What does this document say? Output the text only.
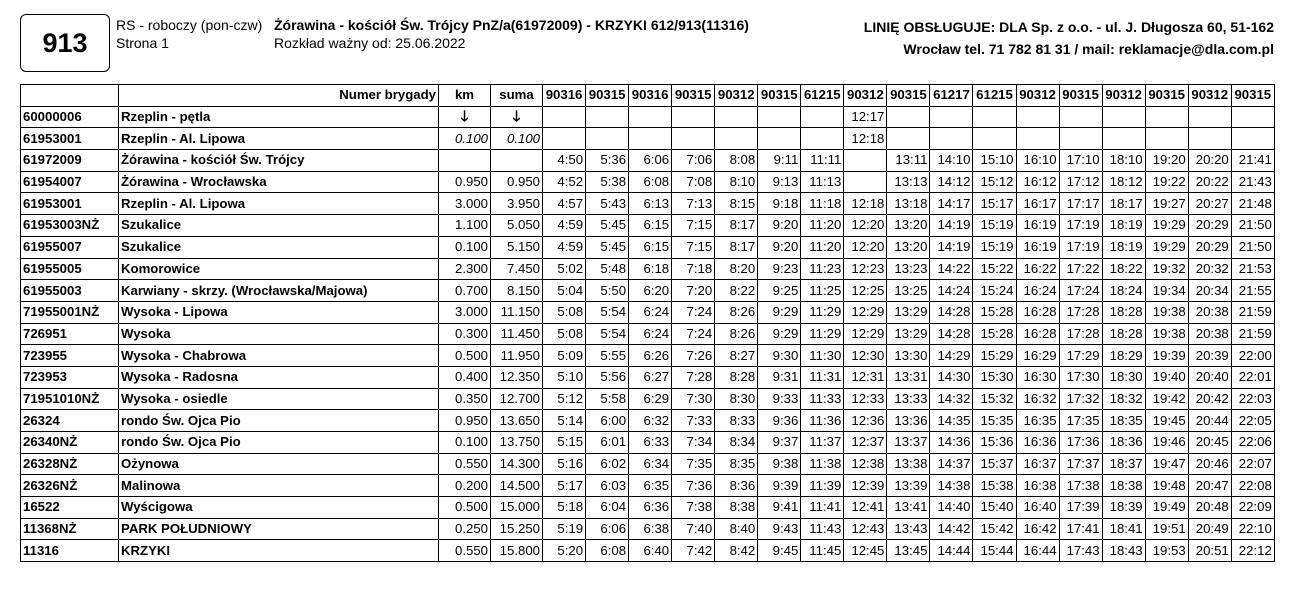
913
RS - roboczy (pon-czw)
Strona 1
Żórawina - kościół Św. Trójcy PnZ/a(61972009) - KRZYKI 612/913(11316)
Rozkład ważny od: 25.06.2022
LINIĘ OBSŁUGUJE: DLA Sp. z o.o. - ul. J. Długosza 60, 51-162
Wrocław tel. 71 782 81 31 / mail: reklamacje@dla.com.pl
	Numer brygady	km	suma	90316	90315	90316	90315	90312	90315	61215	90312	90315	61217	61215	90312	90315	90312	90315	90312	90315
60000006	Rzeplin - pętla	🡓	🡓								12:17									
61953001	Rzeplin - Al. Lipowa	0.100	0.100								12:18									
61972009	Żórawina - kościół Św. Trójcy			4:50	5:36	6:06	7:06	8:08	9:11	11:11		13:11	14:10	15:10	16:10	17:10	18:10	19:20	20:20	21:41
61954007	Żórawina - Wrocławska	0.950	0.950	4:52	5:38	6:08	7:08	8:10	9:13	11:13		13:13	14:12	15:12	16:12	17:12	18:12	19:22	20:22	21:43
61953001	Rzeplin - Al. Lipowa	3.000	3.950	4:57	5:43	6:13	7:13	8:15	9:18	11:18	12:18	13:18	14:17	15:17	16:17	17:17	18:17	19:27	20:27	21:48
61953003NŻ	Szukalice	1.100	5.050	4:59	5:45	6:15	7:15	8:17	9:20	11:20	12:20	13:20	14:19	15:19	16:19	17:19	18:19	19:29	20:29	21:50
61955007	Szukalice	0.100	5.150	4:59	5:45	6:15	7:15	8:17	9:20	11:20	12:20	13:20	14:19	15:19	16:19	17:19	18:19	19:29	20:29	21:50
61955005	Komorowice	2.300	7.450	5:02	5:48	6:18	7:18	8:20	9:23	11:23	12:23	13:23	14:22	15:22	16:22	17:22	18:22	19:32	20:32	21:53
61955003	Karwiany - skrzy. (Wrocławska/Majowa)	0.700	8.150	5:04	5:50	6:20	7:20	8:22	9:25	11:25	12:25	13:25	14:24	15:24	16:24	17:24	18:24	19:34	20:34	21:55
71955001NŻ	Wysoka - Lipowa	3.000	11.150	5:08	5:54	6:24	7:24	8:26	9:29	11:29	12:29	13:29	14:28	15:28	16:28	17:28	18:28	19:38	20:38	21:59
726951	Wysoka	0.300	11.450	5:08	5:54	6:24	7:24	8:26	9:29	11:29	12:29	13:29	14:28	15:28	16:28	17:28	18:28	19:38	20:38	21:59
723955	Wysoka - Chabrowa	0.500	11.950	5:09	5:55	6:26	7:26	8:27	9:30	11:30	12:30	13:30	14:29	15:29	16:29	17:29	18:29	19:39	20:39	22:00
723953	Wysoka - Radosna	0.400	12.350	5:10	5:56	6:27	7:28	8:28	9:31	11:31	12:31	13:31	14:30	15:30	16:30	17:30	18:30	19:40	20:40	22:01
71951010NŻ	Wysoka - osiedle	0.350	12.700	5:12	5:58	6:29	7:30	8:30	9:33	11:33	12:33	13:33	14:32	15:32	16:32	17:32	18:32	19:42	20:42	22:03
26324	rondo Św. Ojca Pio	0.950	13.650	5:14	6:00	6:32	7:33	8:33	9:36	11:36	12:36	13:36	14:35	15:35	16:35	17:35	18:35	19:45	20:44	22:05
26340NŻ	rondo Św. Ojca Pio	0.100	13.750	5:15	6:01	6:33	7:34	8:34	9:37	11:37	12:37	13:37	14:36	15:36	16:36	17:36	18:36	19:46	20:45	22:06
26328NŻ	Ożynowa	0.550	14.300	5:16	6:02	6:34	7:35	8:35	9:38	11:38	12:38	13:38	14:37	15:37	16:37	17:37	18:37	19:47	20:46	22:07
26326NŻ	Malinowa	0.200	14.500	5:17	6:03	6:35	7:36	8:36	9:39	11:39	12:39	13:39	14:38	15:38	16:38	17:38	18:38	19:48	20:47	22:08
16522	Wyścigowa	0.500	15.000	5:18	6:04	6:36	7:38	8:38	9:41	11:41	12:41	13:41	14:40	15:40	16:40	17:39	18:39	19:49	20:48	22:09
11368NŻ	PARK POŁUDNIOWY	0.250	15.250	5:19	6:06	6:38	7:40	8:40	9:43	11:43	12:43	13:43	14:42	15:42	16:42	17:41	18:41	19:51	20:49	22:10
11316	KRZYKI	0.550	15.800	5:20	6:08	6:40	7:42	8:42	9:45	11:45	12:45	13:45	14:44	15:44	16:44	17:43	18:43	19:53	20:51	22:12
